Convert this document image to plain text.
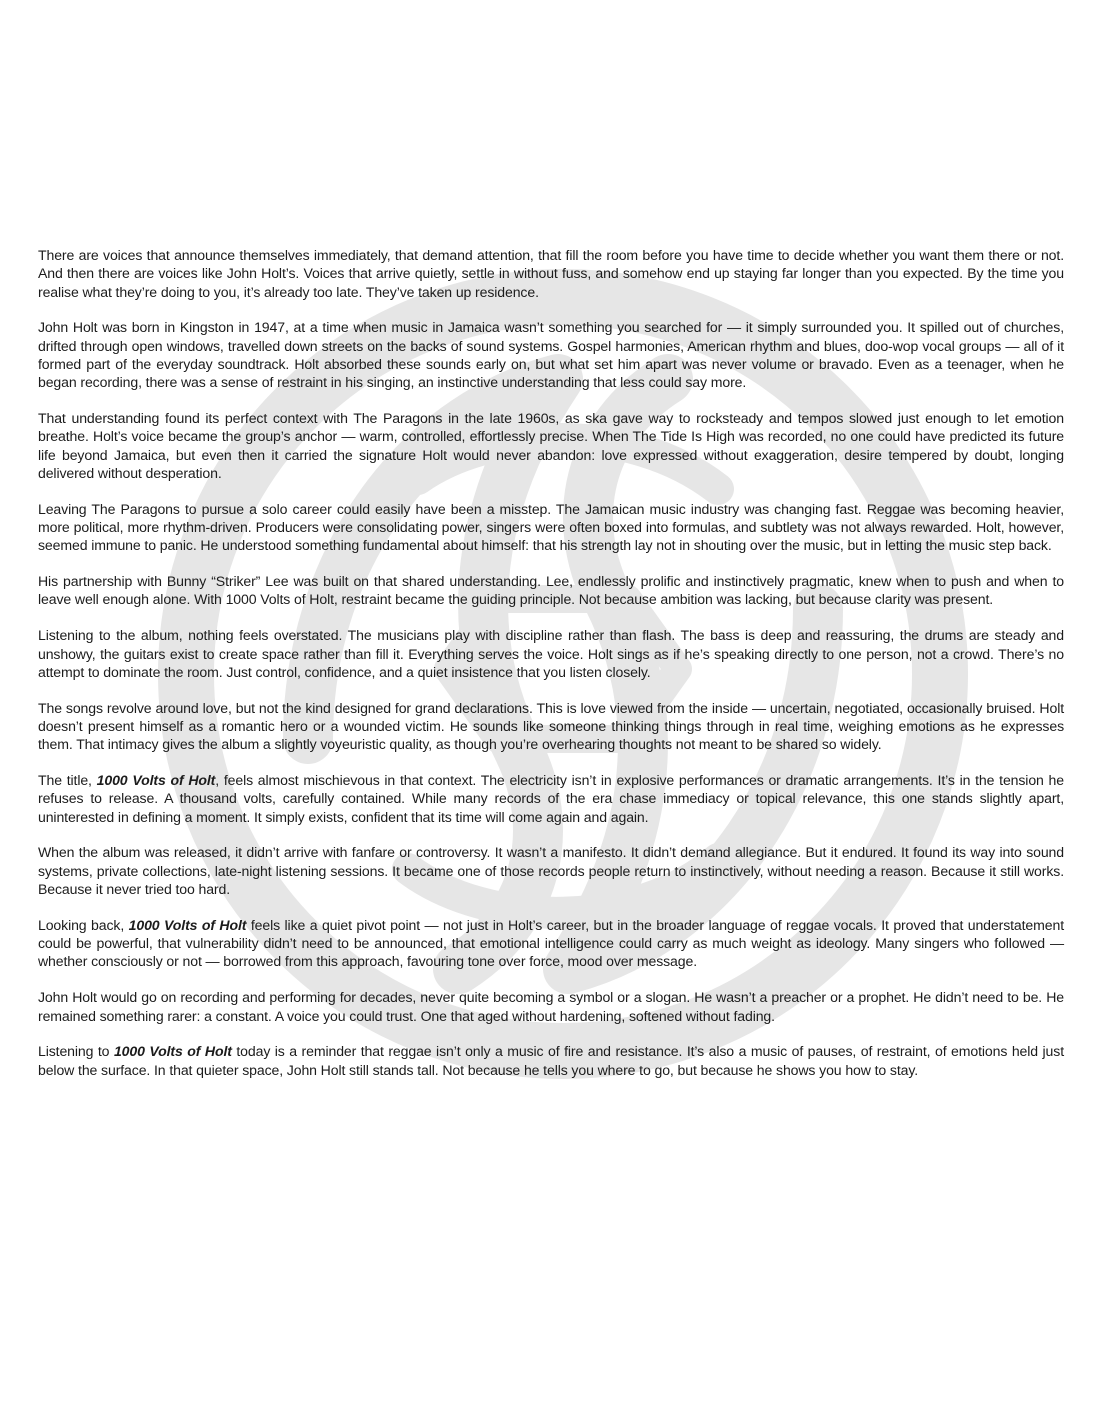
There are voices that announce themselves immediately, that demand attention, that fill the room before you have time to decide whether you want them there or not. And then there are voices like John Holt’s. Voices that arrive quietly, settle in without fuss, and somehow end up staying far longer than you expected. By the time you realise what they’re doing to you, it’s already too late. They’ve taken up residence.

John Holt was born in Kingston in 1947, at a time when music in Jamaica wasn’t something you searched for — it simply surrounded you. It spilled out of churches, drifted through open windows, travelled down streets on the backs of sound systems. Gospel harmonies, American rhythm and blues, doo-wop vocal groups — all of it formed part of the everyday soundtrack. Holt absorbed these sounds early on, but what set him apart was never volume or bravado. Even as a teenager, when he began recording, there was a sense of restraint in his singing, an instinctive understanding that less could say more.

That understanding found its perfect context with The Paragons in the late 1960s, as ska gave way to rocksteady and tempos slowed just enough to let emotion breathe. Holt’s voice became the group’s anchor — warm, controlled, effortlessly precise. When The Tide Is High was recorded, no one could have predicted its future life beyond Jamaica, but even then it carried the signature Holt would never abandon: love expressed without exaggeration, desire tempered by doubt, longing delivered without desperation.

Leaving The Paragons to pursue a solo career could easily have been a misstep. The Jamaican music industry was changing fast. Reggae was becoming heavier, more political, more rhythm-driven. Producers were consolidating power, singers were often boxed into formulas, and subtlety was not always rewarded. Holt, however, seemed immune to panic. He understood something fundamental about himself: that his strength lay not in shouting over the music, but in letting the music step back.

His partnership with Bunny “Striker” Lee was built on that shared understanding. Lee, endlessly prolific and instinctively pragmatic, knew when to push and when to leave well enough alone. With 1000 Volts of Holt, restraint became the guiding principle. Not because ambition was lacking, but because clarity was present.

Listening to the album, nothing feels overstated. The musicians play with discipline rather than flash. The bass is deep and reassuring, the drums are steady and unshowy, the guitars exist to create space rather than fill it. Everything serves the voice. Holt sings as if he’s speaking directly to one person, not a crowd. There’s no attempt to dominate the room. Just control, confidence, and a quiet insistence that you listen closely.

The songs revolve around love, but not the kind designed for grand declarations. This is love viewed from the inside — uncertain, negotiated, occasionally bruised. Holt doesn’t present himself as a romantic hero or a wounded victim. He sounds like someone thinking things through in real time, weighing emotions as he expresses them. That intimacy gives the album a slightly voyeuristic quality, as though you’re overhearing thoughts not meant to be shared so widely.

The title, 1000 Volts of Holt, feels almost mischievous in that context. The electricity isn’t in explosive performances or dramatic arrangements. It’s in the tension he refuses to release. A thousand volts, carefully contained. While many records of the era chase immediacy or topical relevance, this one stands slightly apart, uninterested in defining a moment. It simply exists, confident that its time will come again and again.

When the album was released, it didn’t arrive with fanfare or controversy. It wasn’t a manifesto. It didn’t demand allegiance. But it endured. It found its way into sound systems, private collections, late-night listening sessions. It became one of those records people return to instinctively, without needing a reason. Because it still works. Because it never tried too hard.

Looking back, 1000 Volts of Holt feels like a quiet pivot point — not just in Holt’s career, but in the broader language of reggae vocals. It proved that understatement could be powerful, that vulnerability didn’t need to be announced, that emotional intelligence could carry as much weight as ideology. Many singers who followed — whether consciously or not — borrowed from this approach, favouring tone over force, mood over message.

John Holt would go on recording and performing for decades, never quite becoming a symbol or a slogan. He wasn’t a preacher or a prophet. He didn’t need to be. He remained something rarer: a constant. A voice you could trust. One that aged without hardening, softened without fading.

Listening to 1000 Volts of Holt today is a reminder that reggae isn’t only a music of fire and resistance. It’s also a music of pauses, of restraint, of emotions held just below the surface. In that quieter space, John Holt still stands tall. Not because he tells you where to go, but because he shows you how to stay.
